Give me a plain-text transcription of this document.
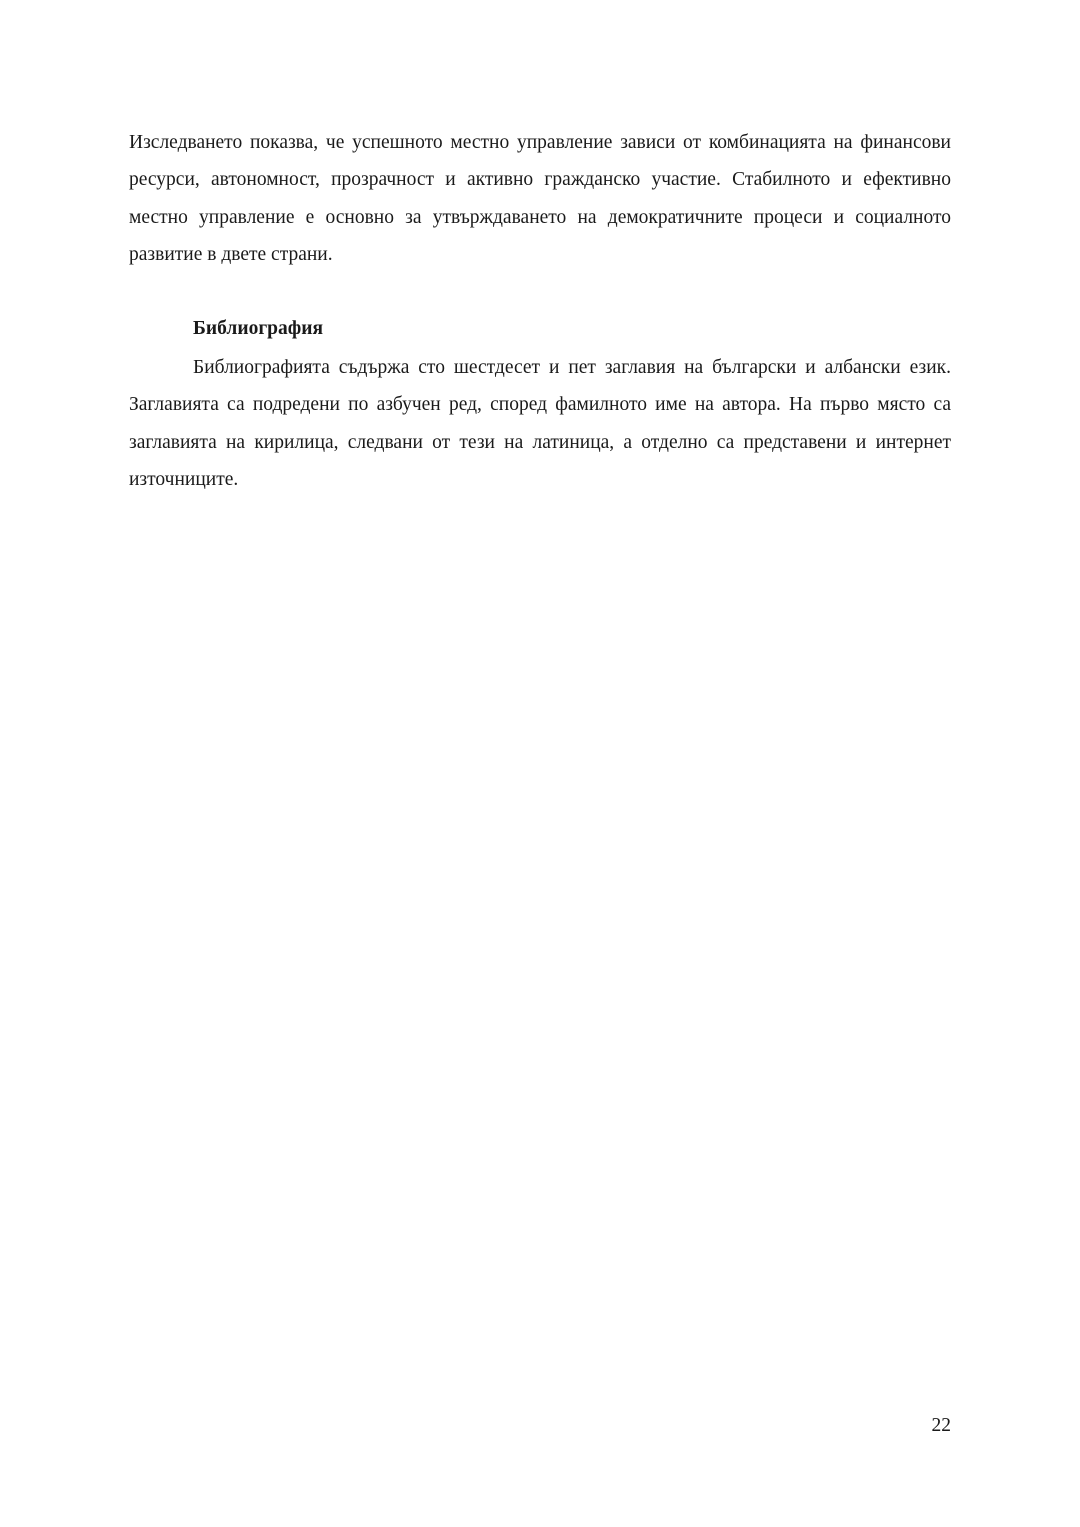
Изследването показва, че успешното местно управление зависи от комбинацията на финансови ресурси, автономност, прозрачност и активно гражданско участие. Стабилното и ефективно местно управление е основно за утвърждаването на демократичните процеси и социалното развитие в двете страни.

Библиография

Библиографията съдържа сто шестдесет и пет заглавия на български и албански език. Заглавията са подредени по азбучен ред, според фамилното име на автора. На първо място са заглавията на кирилица, следвани от тези на латиница, а отделно са представени и интернет източниците.

22
